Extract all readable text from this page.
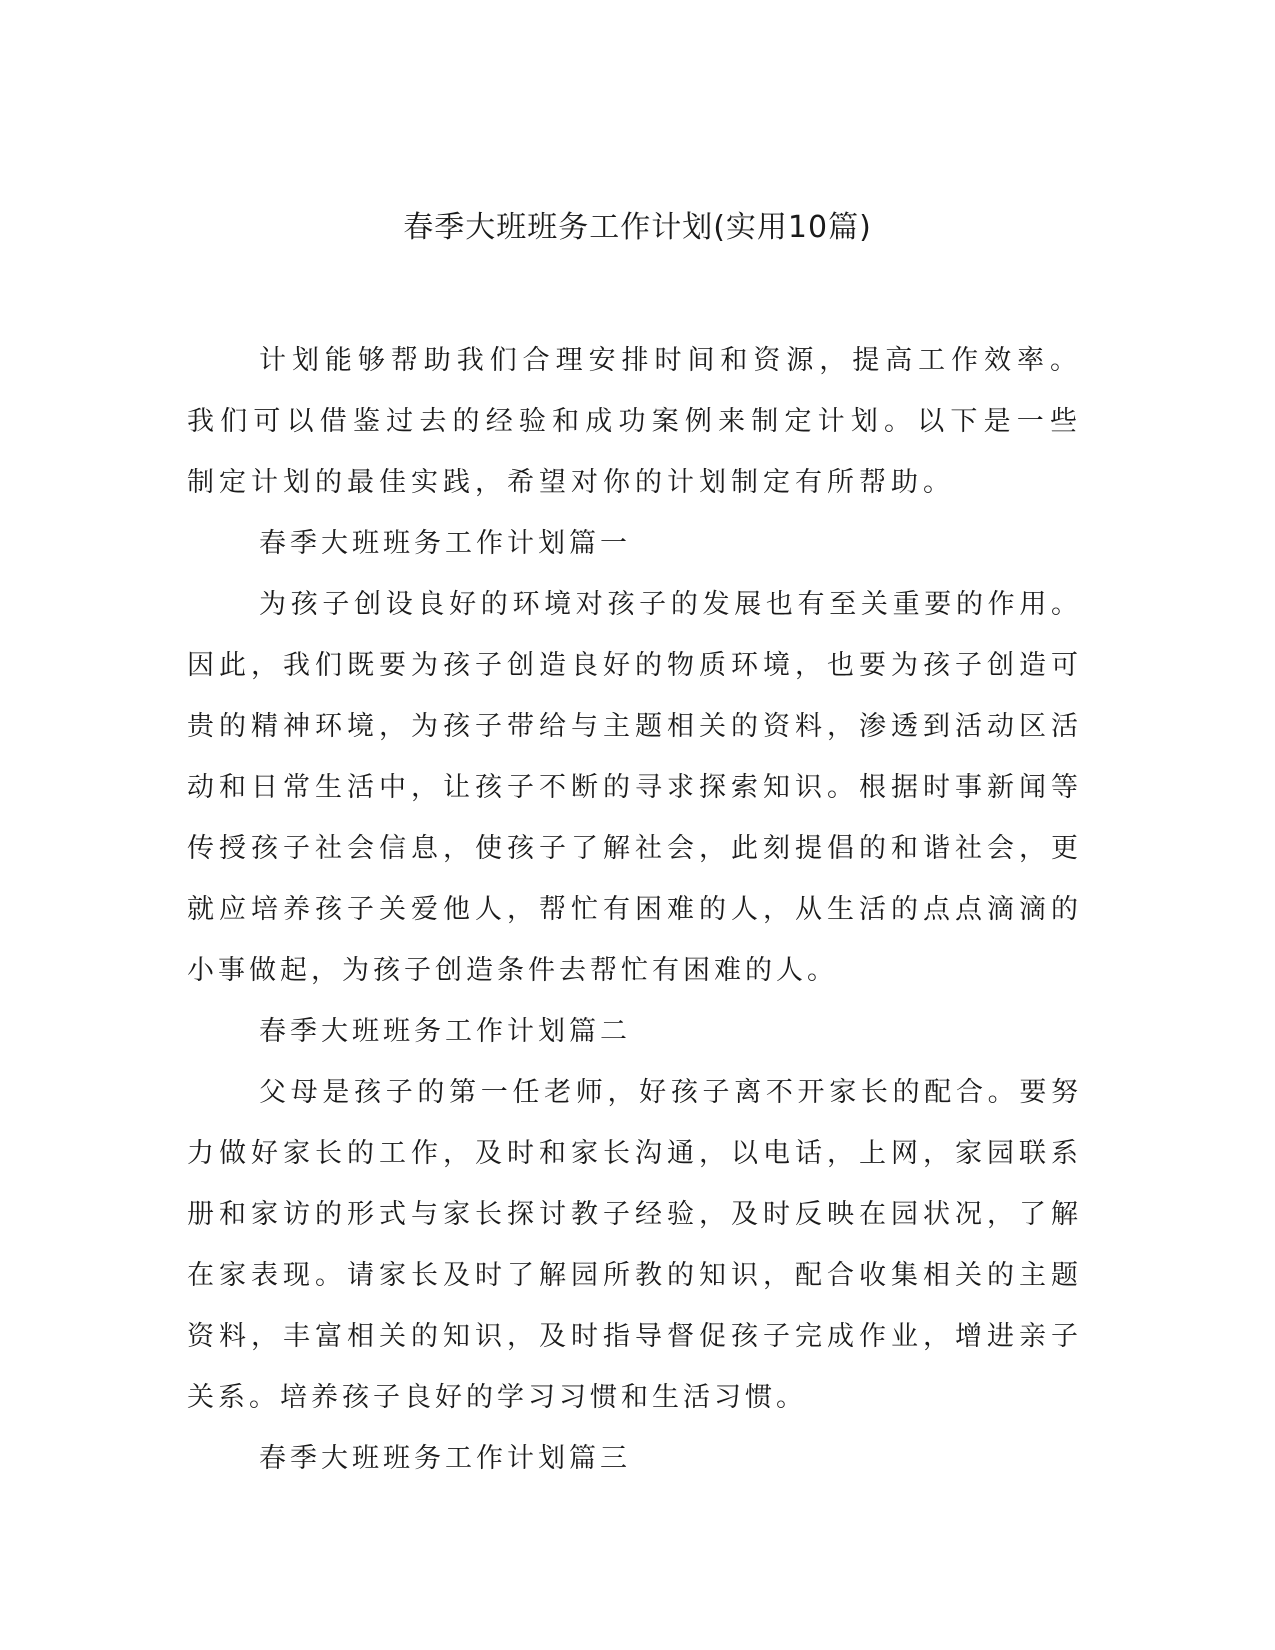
春季大班班务工作计划(实用10篇)

计划能够帮助我们合理安排时间和资源，提高工作效率。我们可以借鉴过去的经验和成功案例来制定计划。以下是一些制定计划的最佳实践，希望对你的计划制定有所帮助。

春季大班班务工作计划篇一

为孩子创设良好的环境对孩子的发展也有至关重要的作用。因此，我们既要为孩子创造良好的物质环境，也要为孩子创造可贵的精神环境，为孩子带给与主题相关的资料，渗透到活动区活动和日常生活中，让孩子不断的寻求探索知识。根据时事新闻等传授孩子社会信息，使孩子了解社会，此刻提倡的和谐社会，更就应培养孩子关爱他人，帮忙有困难的人，从生活的点点滴滴的小事做起，为孩子创造条件去帮忙有困难的人。

春季大班班务工作计划篇二

父母是孩子的第一任老师，好孩子离不开家长的配合。要努力做好家长的工作，及时和家长沟通，以电话，上网，家园联系册和家访的形式与家长探讨教子经验，及时反映在园状况，了解在家表现。请家长及时了解园所教的知识，配合收集相关的主题资料，丰富相关的知识，及时指导督促孩子完成作业，增进亲子关系。培养孩子良好的学习习惯和生活习惯。

春季大班班务工作计划篇三
